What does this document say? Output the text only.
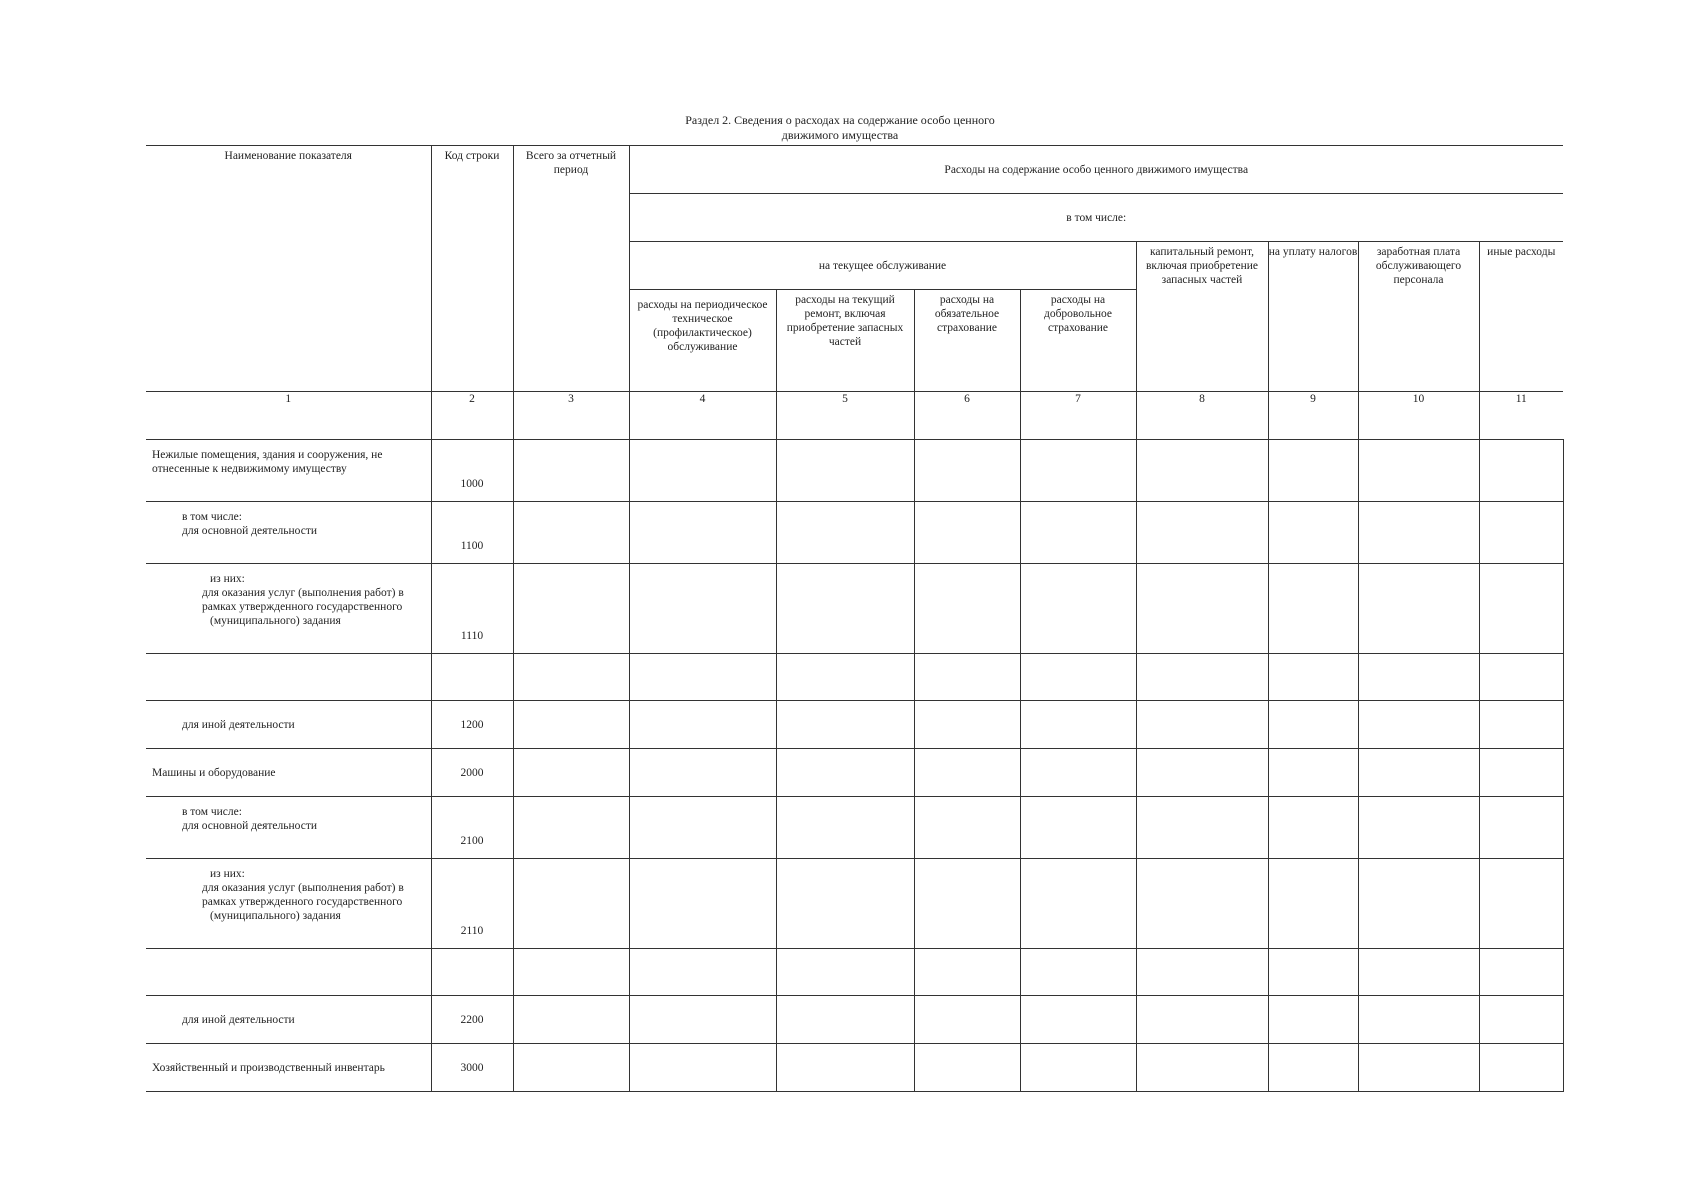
Раздел 2. Сведения о расходах на содержание особо ценного
движимого имущества
Наименование показателя	Код строки	Всего за отчетный период	Расходы на содержание особо ценного движимого имущества							
			в том числе:							
			на текущее обслуживание				капитальный ремонт, включая приобретение запасных частей	на уплату налогов	заработная плата обслуживающего персонала	иные расходы
			расходы на периодическое техническое (профилактическое) обслуживание	расходы на текущий ремонт, включая приобретение запасных частей	расходы на обязательное страхование	расходы на добровольное страхование				
1	2	3	4	5	6	7	8	9	10	11

Нежилые помещения, здания и сооружения, не
отнесенные к недвижимому имуществу	1000									

в том числе:
для основной деятельности	1100									

из них:
для оказания услуг (выполнения работ) в
рамках утвержденного государственного
(муниципального) задания	1110									

для иной деятельности	1200									
Машины и оборудование	2000									

в том числе:
для основной деятельности	2100									

из них:
для оказания услуг (выполнения работ) в
рамках утвержденного государственного
(муниципального) задания	2110									

для иной деятельности	2200									
Хозяйственный и производственный инвентарь	3000									
